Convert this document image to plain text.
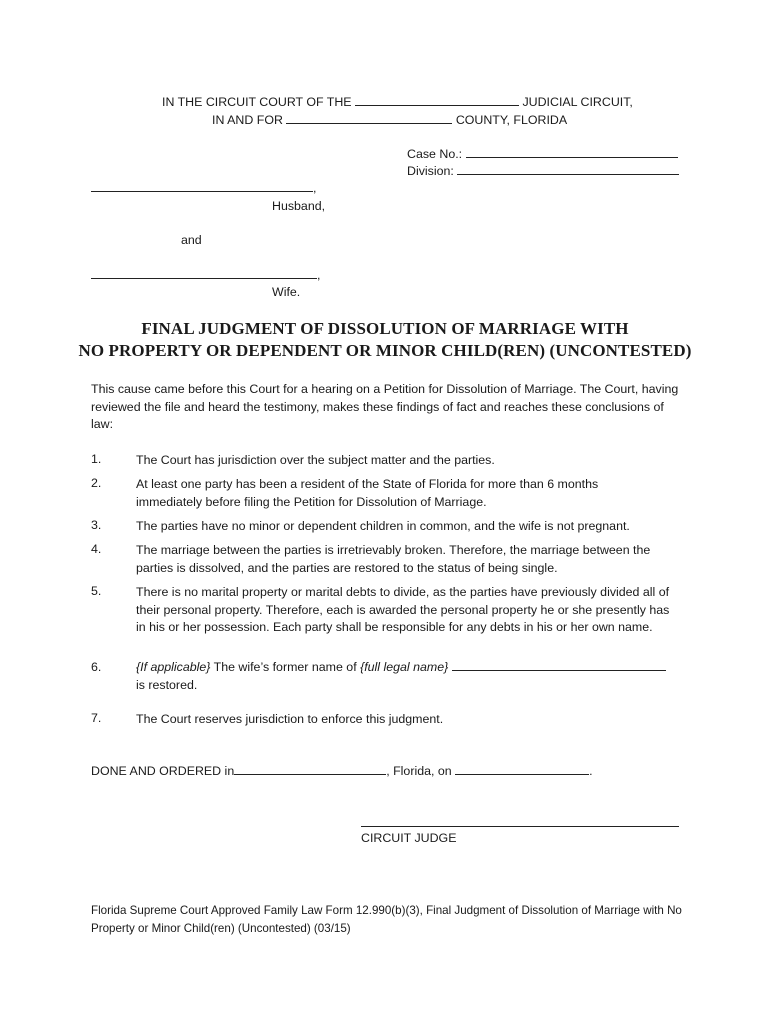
IN THE CIRCUIT COURT OF THE	JUDICIAL CIRCUIT,
IN AND FOR	COUNTY, FLORIDA
Case No.:
Division:
,
Husband,
and
,
Wife.
FINAL JUDGMENT OF DISSOLUTION OF MARRIAGE WITH
NO PROPERTY OR DEPENDENT OR MINOR CHILD(REN) (UNCONTESTED)
This cause came before this Court for a hearing on a Petition for Dissolution of Marriage. The Court, having reviewed the file and heard the testimony, makes these findings of fact and reaches these conclusions of law:
1.	The Court has jurisdiction over the subject matter and the parties.
2.	At least one party has been a resident of the State of Florida for more than 6 months immediately before filing the Petition for Dissolution of Marriage.
3.	The parties have no minor or dependent children in common, and the wife is not pregnant.
4.	The marriage between the parties is irretrievably broken. Therefore, the marriage between the parties is dissolved, and the parties are restored to the status of being single.
5.	There is no marital property or marital debts to divide, as the parties have previously divided all of their personal property. Therefore, each is awarded the personal property he or she presently has in his or her possession. Each party shall be responsible for any debts in his or her own name.
6.	{If applicable} The wife’s former name of {full legal name}
is restored.
7.	The Court reserves jurisdiction to enforce this judgment.
DONE AND ORDERED in	, Florida, on	.
CIRCUIT JUDGE
Florida Supreme Court Approved Family Law Form 12.990(b)(3), Final Judgment of Dissolution of Marriage with No Property or Minor Child(ren) (Uncontested) (03/15)
